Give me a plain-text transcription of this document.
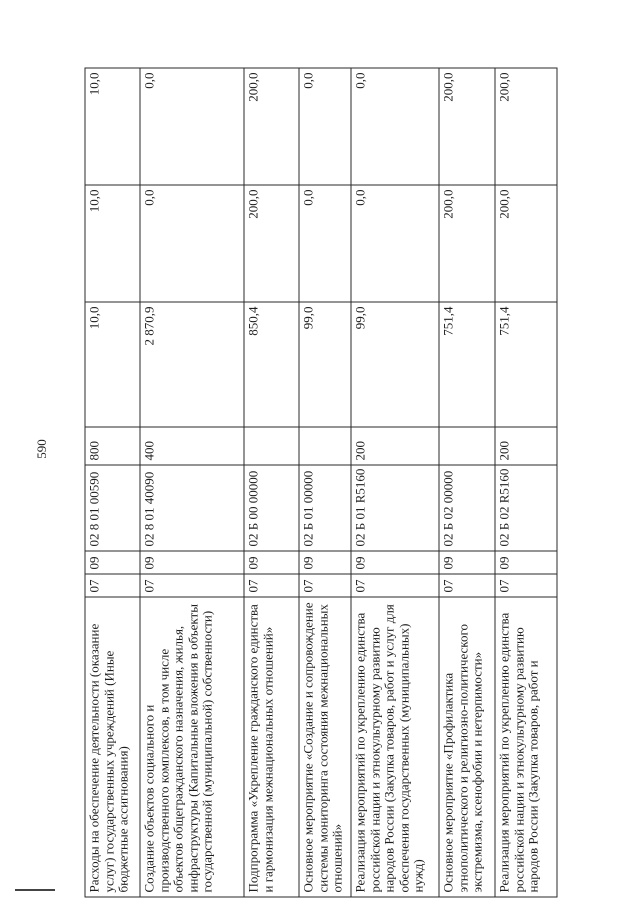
590
Расходы на обеспечение деятельности (оказание услуг) государственных учреждений (Иные бюджетные ассигнования)	07	09	02 8 01 00590	800	10,0	10,0	10,0
Создание объектов социального и производственного комплексов, в том числе объектов общегражданского назначения, жилья, инфраструктуры (Капитальные вложения в объекты государственной (муниципальной) собственности)	07	09	02 8 01 40090	400	2 870,9	0,0	0,0
Подпрограмма «Укрепление гражданского единства и гармонизация межнациональных отношений»	07	09	02 Б 00 00000		850,4	200,0	200,0
Основное мероприятие «Создание и сопровождение системы мониторинга состояния межнациональных отношений»	07	09	02 Б 01 00000		99,0	0,0	0,0
Реализация мероприятий по укреплению единства российской нации и этнокультурному развитию народов России (Закупка товаров, работ и услуг для обеспечения государственных (муниципальных) нужд)	07	09	02 Б 01 R5160	200	99,0	0,0	0,0
Основное мероприятие «Профилактика этнополитического и религиозно-политического экстремизма, ксенофобии и нетерпимости»	07	09	02 Б 02 00000		751,4	200,0	200,0
Реализация мероприятий по укреплению единства российской нации и этнокультурному развитию народов России (Закупка товаров, работ и	07	09	02 Б 02 R5160	200	751,4	200,0	200,0
